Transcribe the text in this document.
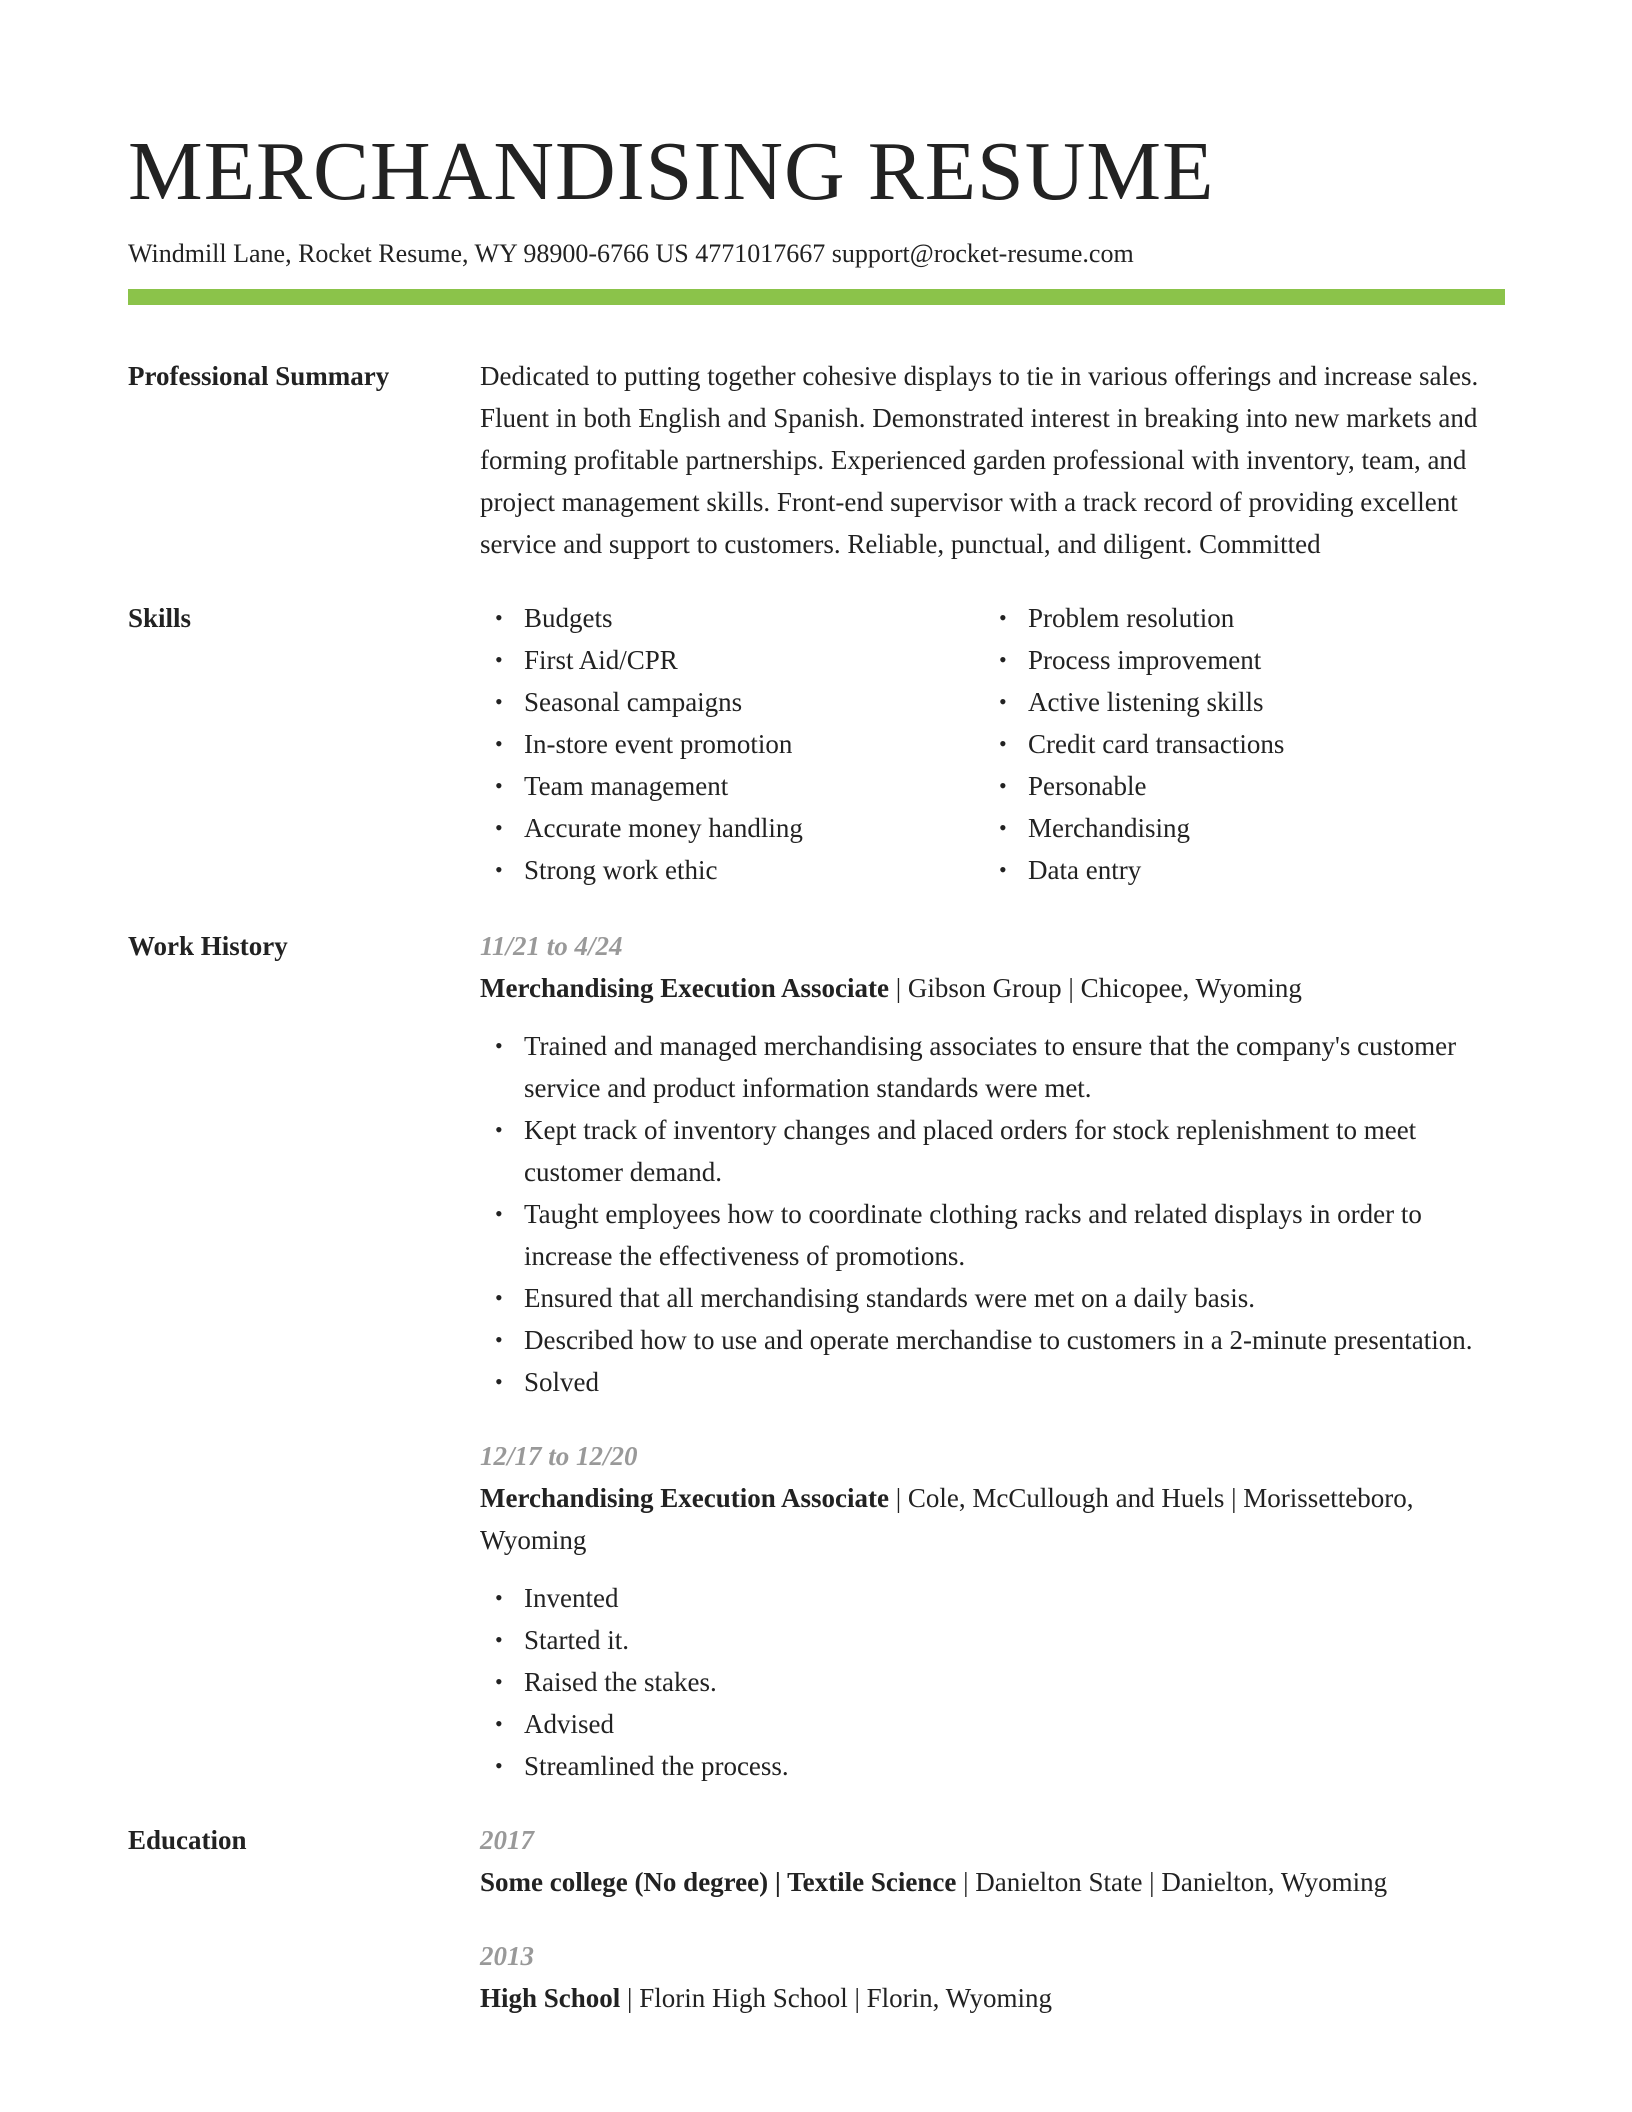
MERCHANDISING RESUME
Windmill Lane, Rocket Resume, WY 98900-6766 US 4771017667 support@rocket-resume.com
Professional Summary	Dedicated to putting together cohesive displays to tie in various offerings and increase sales. Fluent in both English and Spanish. Demonstrated interest in breaking into new markets and forming profitable partnerships. Experienced garden professional with inventory, team, and project management skills. Front-end supervisor with a track record of providing excellent service and support to customers. Reliable, punctual, and diligent. Committed
Skills
•	Budgets
• First Aid/CPR
• Seasonal campaigns
• In-store event promotion
• Team management
• Accurate money handling
• Strong work ethic
• Problem resolution
• Process improvement
• Active listening skills
• Credit card transactions
• Personable
• Merchandising
• Data entry
Work History	11/21 to 4/24
Merchandising Execution Associate | Gibson Group | Chicopee, Wyoming
• Trained and managed merchandising associates to ensure that the company's customer service and product information standards were met.
• Kept track of inventory changes and placed orders for stock replenishment to meet customer demand.
• Taught employees how to coordinate clothing racks and related displays in order to increase the effectiveness of promotions.
• Ensured that all merchandising standards were met on a daily basis.
• Described how to use and operate merchandise to customers in a 2-minute presentation.
• Solved
12/17 to 12/20
Merchandising Execution Associate | Cole, McCullough and Huels | Morissetteboro, Wyoming
• Invented
• Started it.
• Raised the stakes.
• Advised
• Streamlined the process.
Education	2017
Some college (No degree) | Textile Science | Danielton State | Danielton, Wyoming
2013
High School | Florin High School | Florin, Wyoming
